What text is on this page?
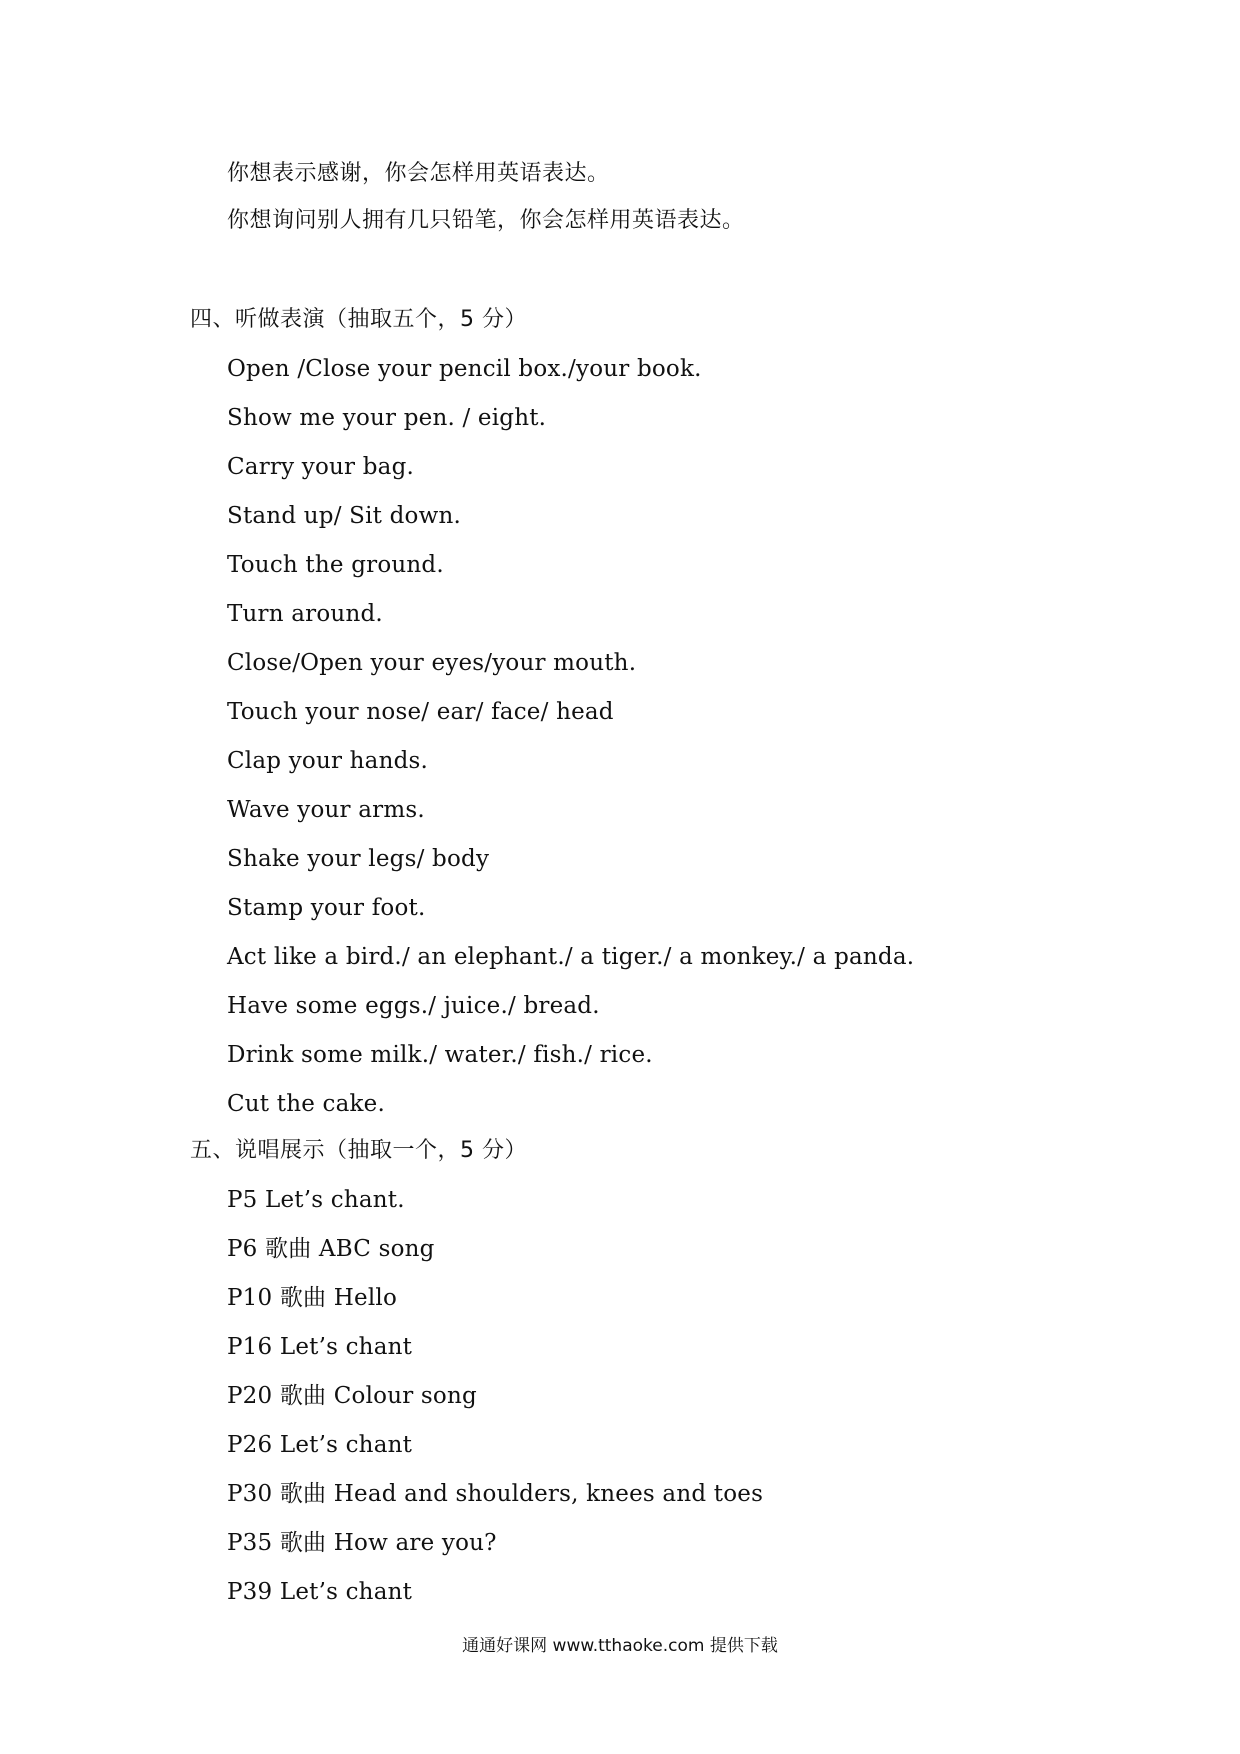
你想表示感谢，你会怎样用英语表达。
你想询问别人拥有几只铅笔，你会怎样用英语表达。
四、听做表演（抽取五个，5 分）
Open /Close your pencil box./your book.
Show me your pen. / eight.
Carry your bag.
Stand up/ Sit down.
Touch the ground.
Turn around.
Close/Open your eyes/your mouth.
Touch your nose/ ear/ face/ head
Clap your hands.
Wave your arms.
Shake your legs/ body
Stamp your foot.
Act like a bird./ an elephant./ a tiger./ a monkey./ a panda.
Have some eggs./ juice./ bread.
Drink some milk./ water./ fish./ rice.
Cut the cake.
五、说唱展示（抽取一个，5 分）
P5 Let’s chant.
P6 歌曲 ABC song
P10 歌曲 Hello
P16 Let’s chant
P20 歌曲 Colour song
P26 Let’s chant
P30 歌曲 Head and shoulders, knees and toes
P35 歌曲 How are you?
P39 Let’s chant
通通好课网 www.tthaoke.com 提供下载
